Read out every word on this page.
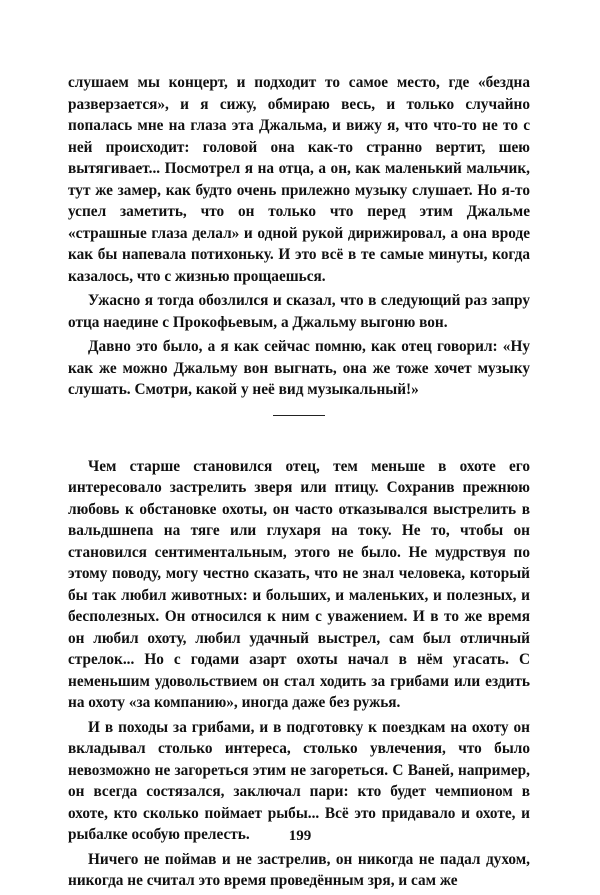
слушаем мы концерт, и подходит то самое место, где «бездна разверзается», и я сижу, обмираю весь, и только случайно попалась мне на глаза эта Джальма, и вижу я, что что-то не то с ней происходит: головой она как-то странно вертит, шею вытягивает... Посмотрел я на отца, а он, как маленький мальчик, тут же замер, как будто очень прилежно музыку слушает. Но я-то успел заметить, что он только что перед этим Джальме «страшные глаза делал» и одной рукой дирижировал, а она вроде как бы напевала потихоньку. И это всё в те самые минуты, когда казалось, что с жизнью прощаешься.

Ужасно я тогда обозлился и сказал, что в следующий раз запру отца наедине с Прокофьевым, а Джальму выгоню вон.

Давно это было, а я как сейчас помню, как отец говорил: «Ну как же можно Джальму вон выгнать, она же тоже хочет музыку слушать. Смотри, какой у неё вид музыкальный!»

Чем старше становился отец, тем меньше в охоте его интересовало застрелить зверя или птицу. Сохранив прежнюю любовь к обстановке охоты, он часто отказывался выстрелить в вальдшнепа на тяге или глухаря на току. Не то, чтобы он становился сентиментальным, этого не было. Не мудрствуя по этому поводу, могу честно сказать, что не знал человека, который бы так любил животных: и больших, и маленьких, и полезных, и бесполезных. Он относился к ним с уважением. И в то же время он любил охоту, любил удачный выстрел, сам был отличный стрелок... Но с годами азарт охоты начал в нём угасать. С неменьшим удовольствием он стал ходить за грибами или ездить на охоту «за компанию», иногда даже без ружья.

И в походы за грибами, и в подготовку к поездкам на охоту он вкладывал столько интереса, столько увлечения, что было невозможно не загореться этим не загореться. С Ваней, например, он всегда состязался, заключал пари: кто будет чемпионом в охоте, кто сколько поймает рыбы... Всё это придавало и охоте, и рыбалке особую прелесть.

Ничего не поймав и не застрелив, он никогда не падал духом, никогда не считал это время проведённым зря, и сам же

199
